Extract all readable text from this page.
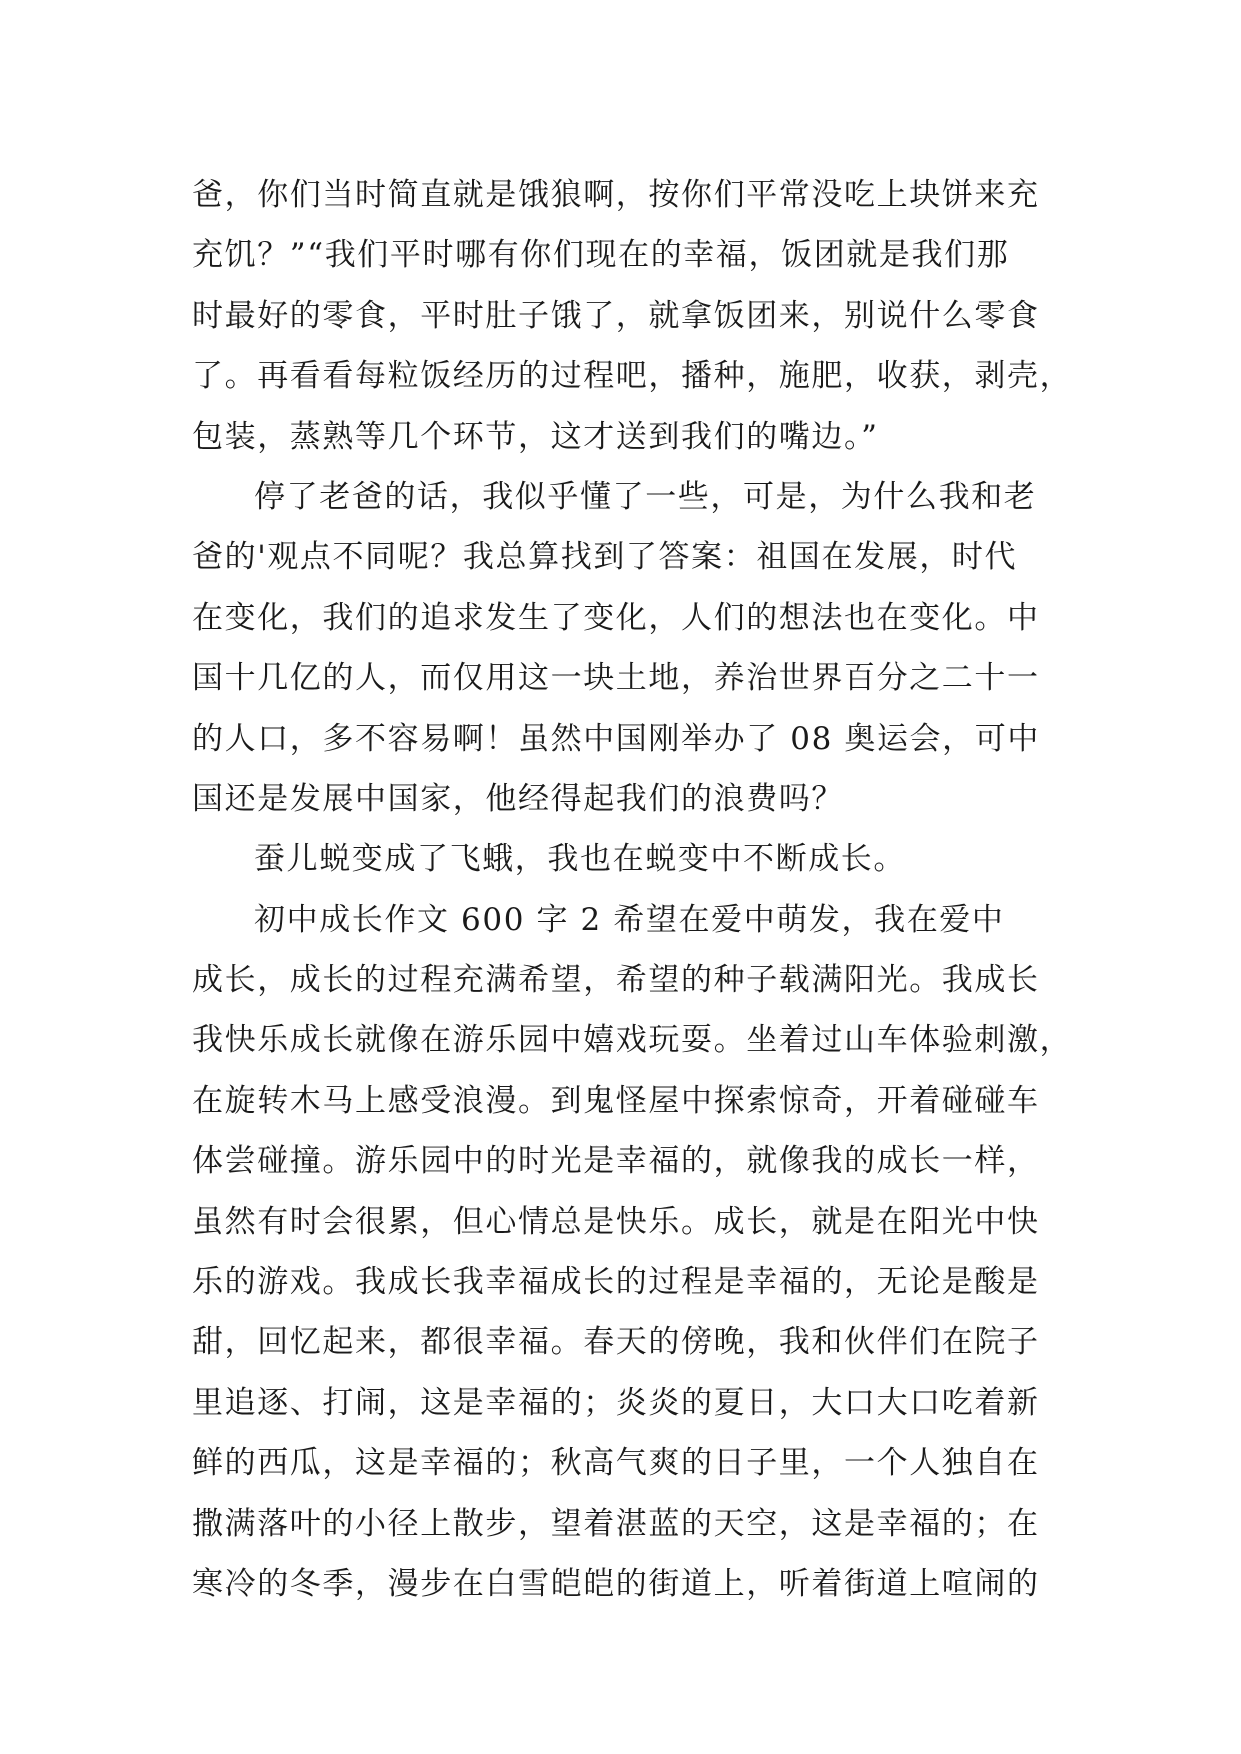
爸，你们当时简直就是饿狼啊，按你们平常没吃上块饼来充
充饥？”“我们平时哪有你们现在的幸福，饭团就是我们那
时最好的零食，平时肚子饿了，就拿饭团来，别说什么零食
了。再看看每粒饭经历的过程吧，播种，施肥，收获，剥壳，
包装，蒸熟等几个环节，这才送到我们的嘴边。”
停了老爸的话，我似乎懂了一些，可是，为什么我和老
爸的'观点不同呢？我总算找到了答案：祖国在发展，时代
在变化，我们的追求发生了变化，人们的想法也在变化。中
国十几亿的人，而仅用这一块土地，养治世界百分之二十一
的人口，多不容易啊！虽然中国刚举办了 08 奥运会，可中
国还是发展中国家，他经得起我们的浪费吗？
蚕儿蜕变成了飞蛾，我也在蜕变中不断成长。
初中成长作文 600 字 2 希望在爱中萌发，我在爱中
成长，成长的过程充满希望，希望的种子载满阳光。我成长
我快乐成长就像在游乐园中嬉戏玩耍。坐着过山车体验刺激，
在旋转木马上感受浪漫。到鬼怪屋中探索惊奇，开着碰碰车
体尝碰撞。游乐园中的时光是幸福的，就像我的成长一样，
虽然有时会很累，但心情总是快乐。成长，就是在阳光中快
乐的游戏。我成长我幸福成长的过程是幸福的，无论是酸是
甜，回忆起来，都很幸福。春天的傍晚，我和伙伴们在院子
里追逐、打闹，这是幸福的；炎炎的夏日，大口大口吃着新
鲜的西瓜，这是幸福的；秋高气爽的日子里，一个人独自在
撒满落叶的小径上散步，望着湛蓝的天空，这是幸福的；在
寒冷的冬季，漫步在白雪皑皑的街道上，听着街道上喧闹的
